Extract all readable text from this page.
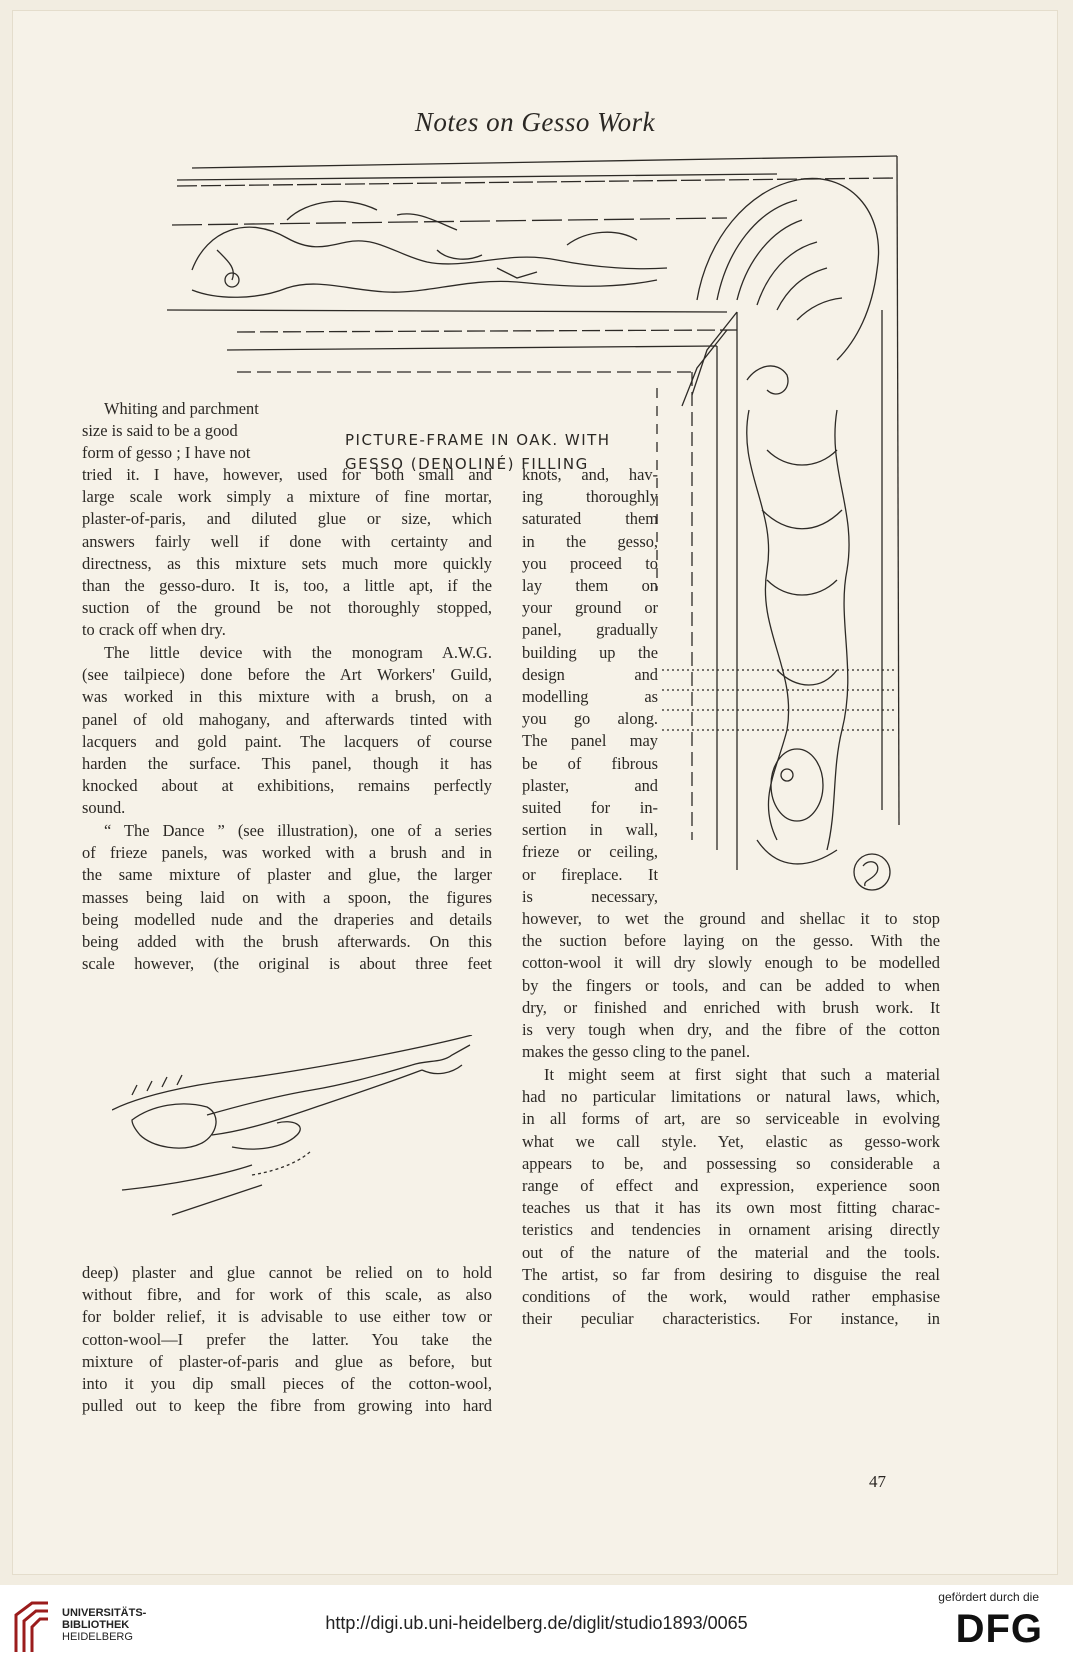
Notes on Gesso Work
PICTURE-FRAME IN OAK. WITH
GESSO (DENOLINÉ) FILLING
Whiting and parchment
size is said to be a good
form of gesso ; I have not
tried it. I have, however, used for both small and
large scale work simply a mixture of fine mortar,
plaster-of-paris, and diluted glue or size, which
answers fairly well if done with certainty and
directness, as this mixture sets much more quickly
than the gesso-duro. It is, too, a little apt, if the
suction of the ground be not thoroughly stopped,
to crack off when dry.
The little device with the monogram A.W.G.
(see tailpiece) done before the Art Workers' Guild,
was worked in this mixture with a brush, on a
panel of old mahogany, and afterwards tinted with
lacquers and gold paint. The lacquers of course
harden the surface. This panel, though it has
knocked about at exhibitions, remains perfectly
sound.
“ The Dance ” (see illustration), one of a series
of frieze panels, was worked with a brush and in
the same mixture of plaster and glue, the larger
masses being laid on with a spoon, the figures
being modelled nude and the draperies and details
being added with the brush afterwards. On this
scale however, (the original is about three feet
deep) plaster and glue cannot be relied on to hold
without fibre, and for work of this scale, as also
for bolder relief, it is advisable to use either tow or
cotton-wool—I prefer the latter. You take the
mixture of plaster-of-paris and glue as before, but
into it you dip small pieces of the cotton-wool,
pulled out to keep the fibre from growing into hard
knots, and, hav-
ing thoroughly
saturated them
in the gesso,
you proceed to
lay them on
your ground or
panel, gradually
building up the
design and
modelling as
you go along.
The panel may
be of fibrous
plaster, and
suited for in-
sertion in wall,
frieze or ceiling,
or fireplace. It
is necessary,
however, to wet the ground and shellac it to stop
the suction before laying on the gesso. With the
cotton-wool it will dry slowly enough to be modelled
by the fingers or tools, and can be added to when
dry, or finished and enriched with brush work. It
is very tough when dry, and the fibre of the cotton
makes the gesso cling to the panel.
It might seem at first sight that such a material
had no particular limitations or natural laws, which,
in all forms of art, are so serviceable in evolving
what we call style. Yet, elastic as gesso-work
appears to be, and possessing so considerable a
range of effect and expression, experience soon
teaches us that it has its own most fitting charac-
teristics and tendencies in ornament arising directly
out of the nature of the material and the tools.
The artist, so far from desiring to disguise the real
conditions of the work, would rather emphasise
their peculiar characteristics. For instance, in
47
UNIVERSITÄTS-
BIBLIOTHEK
HEIDELBERG
http://digi.ub.uni-heidelberg.de/diglit/studio1893/0065
gefördert durch die
DFG
